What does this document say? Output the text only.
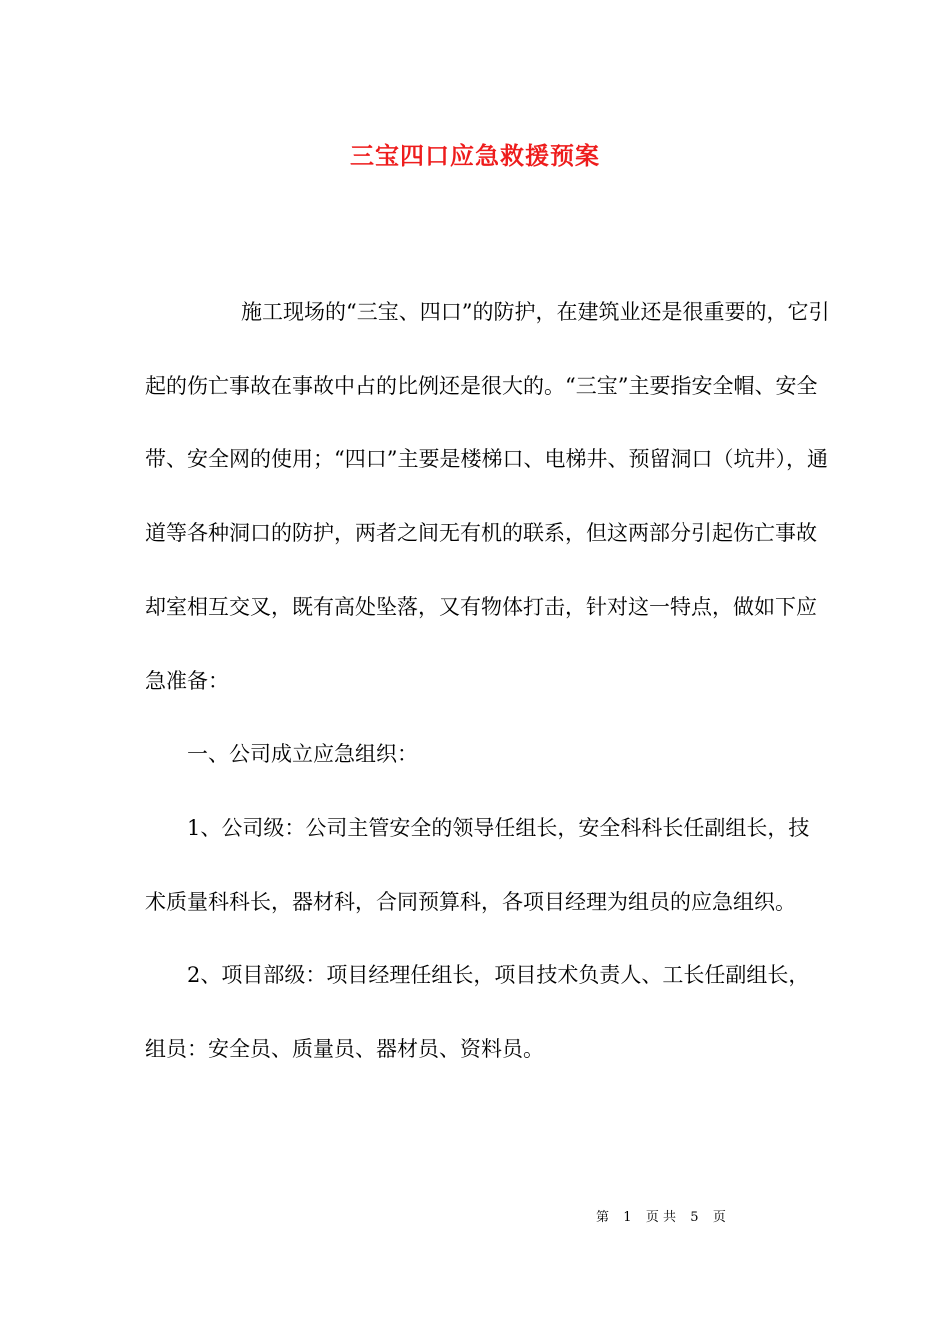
三宝四口应急救援预案

施工现场的“三宝、四口”的防护，在建筑业还是很重要的，它引起的伤亡事故在事故中占的比例还是很大的。“三宝”主要指安全帽、安全带、安全网的使用；“四口”主要是楼梯口、电梯井、预留洞口（坑井），通道等各种洞口的防护，两者之间无有机的联系，但这两部分引起伤亡事故却室相互交叉，既有高处坠落，又有物体打击，针对这一特点，做如下应急准备：

一、公司成立应急组织：

1、公司级：公司主管安全的领导任组长，安全科科长任副组长，技术质量科科长，器材科，合同预算科，各项目经理为组员的应急组织。

2、项目部级：项目经理任组长，项目技术负责人、工长任副组长，组员：安全员、质量员、器材员、资料员。

第 1 页 共 5 页
